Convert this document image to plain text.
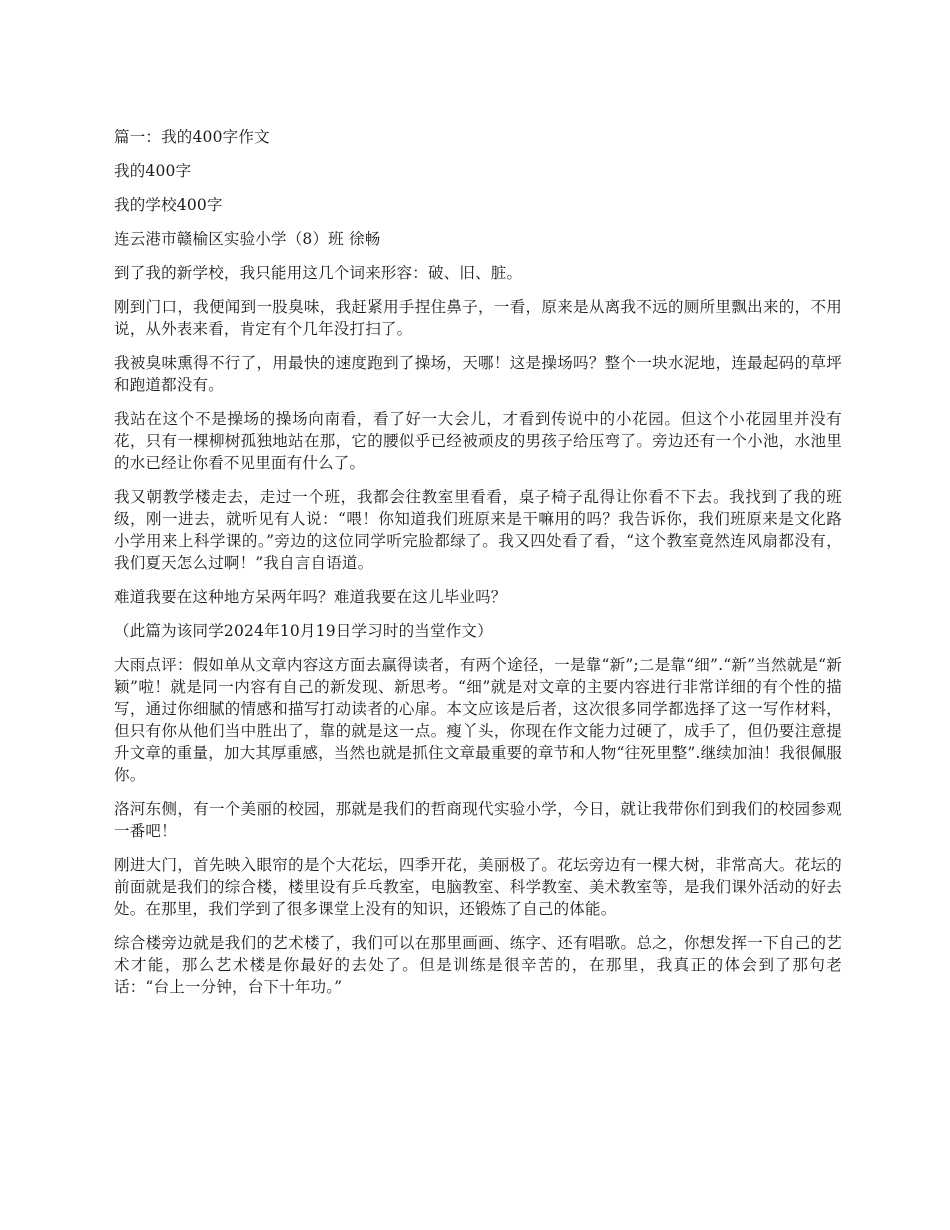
篇一：我的400字作文

我的400字

我的学校400字

连云港市赣榆区实验小学（8）班 徐畅

到了我的新学校，我只能用这几个词来形容：破、旧、脏。

刚到门口，我便闻到一股臭味，我赶紧用手捏住鼻子，一看，原来是从离我不远的厕所里飘出来的，不用说，从外表来看，肯定有个几年没打扫了。

我被臭味熏得不行了，用最快的速度跑到了操场，天哪！这是操场吗？整个一块水泥地，连最起码的草坪和跑道都没有。

我站在这个不是操场的操场向南看，看了好一大会儿，才看到传说中的小花园。但这个小花园里并没有花，只有一棵柳树孤独地站在那，它的腰似乎已经被顽皮的男孩子给压弯了。旁边还有一个小池，水池里的水已经让你看不见里面有什么了。

我又朝教学楼走去，走过一个班，我都会往教室里看看，桌子椅子乱得让你看不下去。我找到了我的班级，刚一进去，就听见有人说：“喂！你知道我们班原来是干嘛用的吗？我告诉你，我们班原来是文化路小学用来上科学课的。”旁边的这位同学听完脸都绿了。我又四处看了看，“这个教室竟然连风扇都没有，我们夏天怎么过啊！”我自言自语道。

难道我要在这种地方呆两年吗？难道我要在这儿毕业吗？

（此篇为该同学2024年10月19日学习时的当堂作文）

大雨点评：假如单从文章内容这方面去赢得读者，有两个途径，一是靠“新”;二是靠“细”.“新”当然就是“新颖”啦！就是同一内容有自己的新发现、新思考。“细”就是对文章的主要内容进行非常详细的有个性的描写，通过你细腻的情感和描写打动读者的心扉。本文应该是后者，这次很多同学都选择了这一写作材料，但只有你从他们当中胜出了，靠的就是这一点。瘦丫头，你现在作文能力过硬了，成手了，但仍要注意提升文章的重量，加大其厚重感，当然也就是抓住文章最重要的章节和人物“往死里整”.继续加油！我很佩服你。

洛河东侧，有一个美丽的校园，那就是我们的哲商现代实验小学，今日，就让我带你们到我们的校园参观一番吧！

刚进大门，首先映入眼帘的是个大花坛，四季开花，美丽极了。花坛旁边有一棵大树，非常高大。花坛的前面就是我们的综合楼，楼里设有乒乓教室，电脑教室、科学教室、美术教室等，是我们课外活动的好去处。在那里，我们学到了很多课堂上没有的知识，还锻炼了自己的体能。

综合楼旁边就是我们的艺术楼了，我们可以在那里画画、练字、还有唱歌。总之，你想发挥一下自己的艺术才能，那么艺术楼是你最好的去处了。但是训练是很辛苦的，在那里，我真正的体会到了那句老话：“台上一分钟，台下十年功。”
